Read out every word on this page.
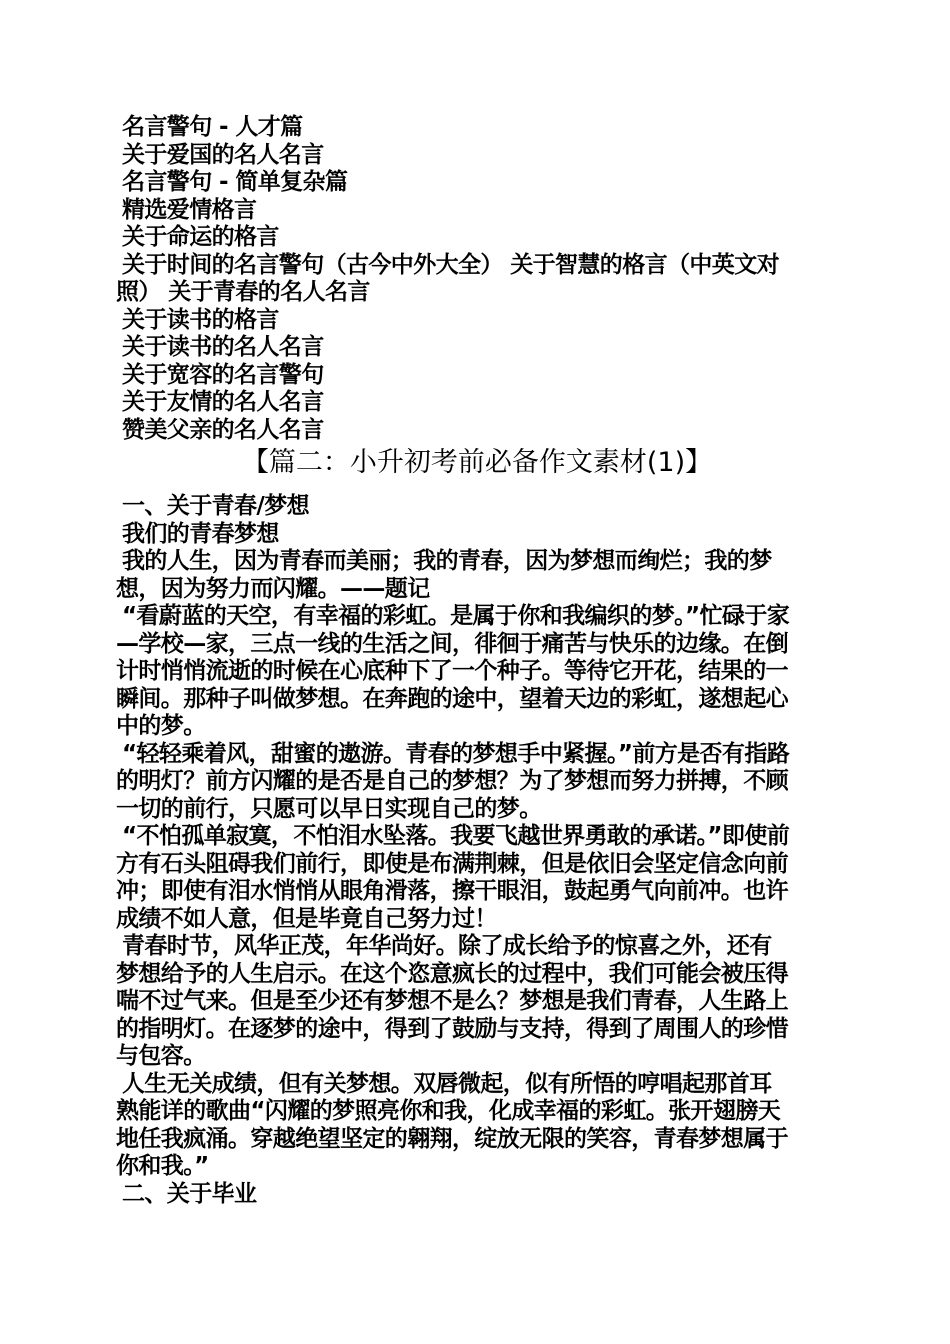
名言警句 - 人才篇
关于爱国的名人名言
名言警句 - 简单复杂篇
精选爱情格言
关于命运的格言
关于时间的名言警句（古今中外大全） 关于智慧的格言（中英文对
照） 关于青春的名人名言
关于读书的格言
关于读书的名人名言
关于宽容的名言警句
关于友情的名人名言
赞美父亲的名人名言
【篇二：小升初考前必备作文素材(1)】
一、关于青春/梦想
我们的青春梦想
我的人生，因为青春而美丽；我的青春，因为梦想而绚烂；我的梦
想，因为努力而闪耀。——题记
“看蔚蓝的天空，有幸福的彩虹。是属于你和我编织的梦。”忙碌于家
—学校—家，三点一线的生活之间，徘徊于痛苦与快乐的边缘。在倒
计时悄悄流逝的时候在心底种下了一个种子。等待它开花，结果的一
瞬间。那种子叫做梦想。在奔跑的途中，望着天边的彩虹，遂想起心
中的梦。
“轻轻乘着风，甜蜜的遨游。青春的梦想手中紧握。”前方是否有指路
的明灯？前方闪耀的是否是自己的梦想？为了梦想而努力拼搏，不顾
一切的前行，只愿可以早日实现自己的梦。
“不怕孤单寂寞，不怕泪水坠落。我要飞越世界勇敢的承诺。”即使前
方有石头阻碍我们前行，即使是布满荆棘，但是依旧会坚定信念向前
冲；即使有泪水悄悄从眼角滑落，擦干眼泪，鼓起勇气向前冲。也许
成绩不如人意，但是毕竟自己努力过！
青春时节，风华正茂，年华尚好。除了成长给予的惊喜之外，还有
梦想给予的人生启示。在这个恣意疯长的过程中，我们可能会被压得
喘不过气来。但是至少还有梦想不是么？梦想是我们青春，人生路上
的指明灯。在逐梦的途中，得到了鼓励与支持，得到了周围人的珍惜
与包容。
人生无关成绩，但有关梦想。双唇微起，似有所悟的哼唱起那首耳
熟能详的歌曲“闪耀的梦照亮你和我，化成幸福的彩虹。张开翅膀天
地任我疯涌。穿越绝望坚定的翱翔，绽放无限的笑容，青春梦想属于
你和我。”
二、关于毕业
